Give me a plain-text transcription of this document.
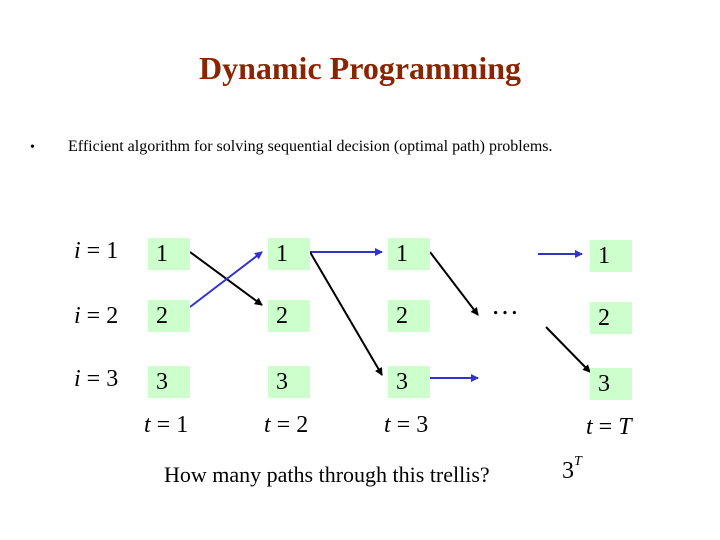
Dynamic Programming
• Efficient algorithm for solving sequential decision (optimal path) problems.
i = 1
i = 2
i = 3
1
2
3
1
2
3
1
2
3
1
2
3
…
t = 1	t = 2	t = 3	t = T
How many paths through this trellis?	$3^T$
